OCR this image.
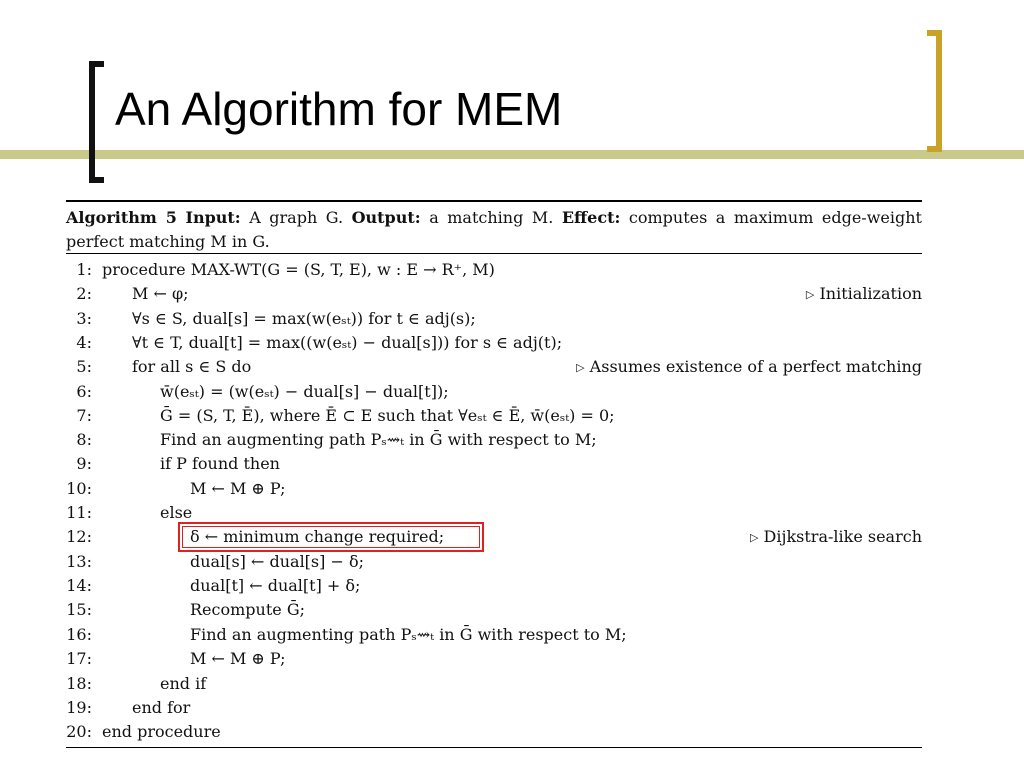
An Algorithm for MEM
Algorithm 5 Input: A graph G. Output: a matching M. Effect: computes a maximum edge-weight perfect matching M in G.
1: procedure MAX-WT(G = (S, T, E), w : E → R⁺, M)
2:	M ← φ;	▷ Initialization
3:	∀s ∈ S, dual[s] = max(w(eₛₜ)) for t ∈ adj(s);
4:	∀t ∈ T, dual[t] = max((w(eₛₜ) − dual[s])) for s ∈ adj(t);
5:	for all s ∈ S do	▷ Assumes existence of a perfect matching
6:	w̄(eₛₜ) = (w(eₛₜ) − dual[s] − dual[t]);
7:	Ḡ = (S, T, Ē), where Ē ⊂ E such that ∀eₛₜ ∈ Ē, w̄(eₛₜ) = 0;
8:	Find an augmenting path Pₛ⇝ₜ in Ḡ with respect to M;
9:	if P found then
10:	M ← M ⊕ P;
11:	else
12:	δ ← minimum change required;	▷ Dijkstra-like search
13:	dual[s] ← dual[s] − δ;
14:	dual[t] ← dual[t] + δ;
15:	Recompute Ḡ;
16:	Find an augmenting path Pₛ⇝ₜ in Ḡ with respect to M;
17:	M ← M ⊕ P;
18:	end if
19:	end for
20: end procedure
